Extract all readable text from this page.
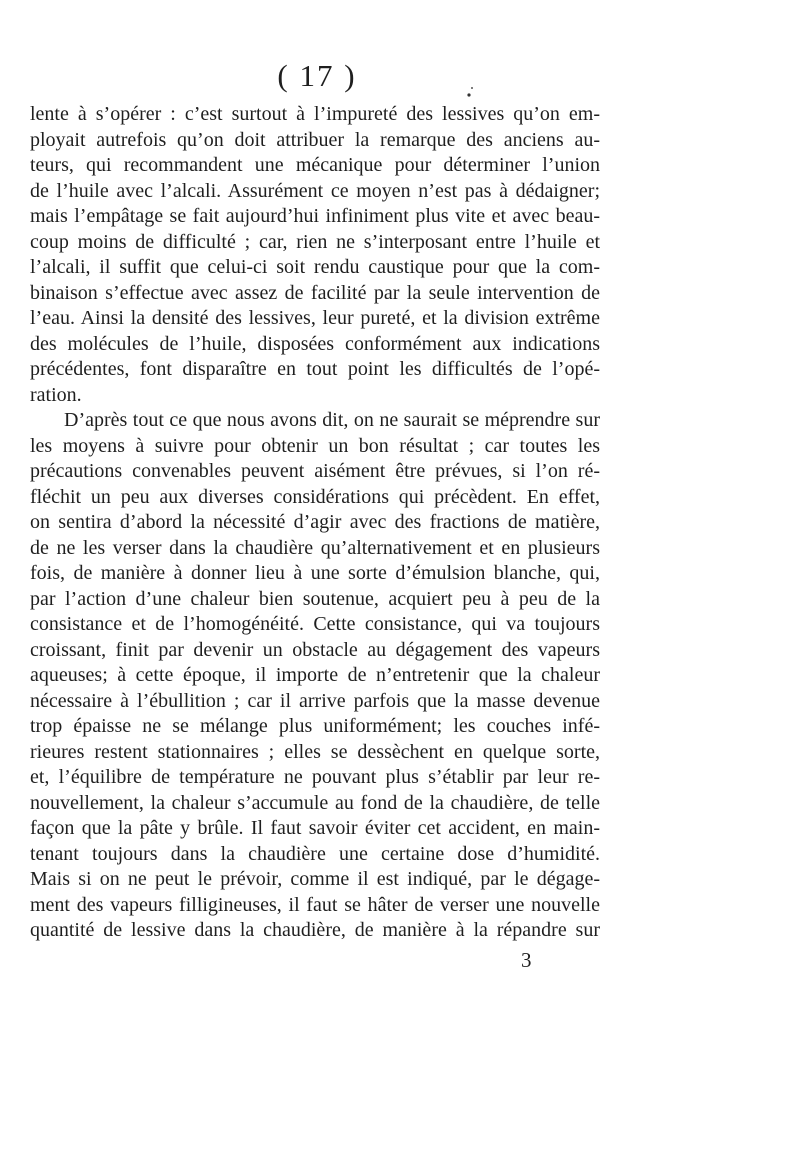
( 17 )
lente à s’opérer : c’est surtout à l’impureté des lessives qu’on em-
ployait autrefois qu’on doit attribuer la remarque des anciens au-
teurs, qui recommandent une mécanique pour déterminer l’union
de l’huile avec l’alcali. Assurément ce moyen n’est pas à dédaigner;
mais l’empâtage se fait aujourd’hui infiniment plus vite et avec beau-
coup moins de difficulté ; car, rien ne s’interposant entre l’huile et
l’alcali, il suffit que celui-ci soit rendu caustique pour que la com-
binaison s’effectue avec assez de facilité par la seule intervention de
l’eau. Ainsi la densité des lessives, leur pureté, et la division extrême
des molécules de l’huile, disposées conformément aux indications
précédentes, font disparaître en tout point les difficultés de l’opé-
ration.
D’après tout ce que nous avons dit, on ne saurait se méprendre sur
les moyens à suivre pour obtenir un bon résultat ; car toutes les
précautions convenables peuvent aisément être prévues, si l’on ré-
fléchit un peu aux diverses considérations qui précèdent. En effet,
on sentira d’abord la nécessité d’agir avec des fractions de matière,
de ne les verser dans la chaudière qu’alternativement et en plusieurs
fois, de manière à donner lieu à une sorte d’émulsion blanche, qui,
par l’action d’une chaleur bien soutenue, acquiert peu à peu de la
consistance et de l’homogénéité. Cette consistance, qui va toujours
croissant, finit par devenir un obstacle au dégagement des vapeurs
aqueuses; à cette époque, il importe de n’entretenir que la chaleur
nécessaire à l’ébullition ; car il arrive parfois que la masse devenue
trop épaisse ne se mélange plus uniformément; les couches infé-
rieures restent stationnaires ; elles se dessèchent en quelque sorte,
et, l’équilibre de température ne pouvant plus s’établir par leur re-
nouvellement, la chaleur s’accumule au fond de la chaudière, de telle
façon que la pâte y brûle. Il faut savoir éviter cet accident, en main-
tenant toujours dans la chaudière une certaine dose d’humidité.
Mais si on ne peut le prévoir, comme il est indiqué, par le dégage-
ment des vapeurs filligineuses, il faut se hâter de verser une nouvelle
quantité de lessive dans la chaudière, de manière à la répandre sur
3
